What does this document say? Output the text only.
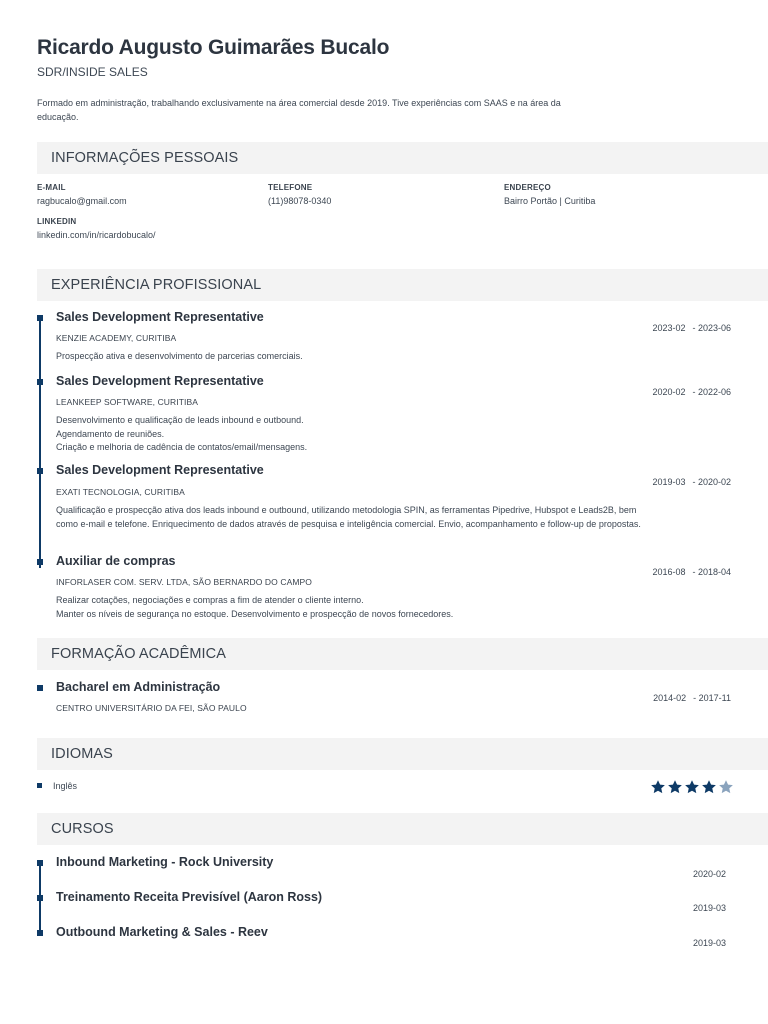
Ricardo Augusto Guimarães Bucalo
SDR/INSIDE SALES
Formado em administração, trabalhando exclusivamente na área comercial desde 2019. Tive experiências com SAAS e na área da educação.
INFORMAÇÕES PESSOAIS
E-MAIL
ragbucalo@gmail.com
TELEFONE
(11)98078-0340
ENDEREÇO
Bairro Portão | Curitiba
LINKEDIN
linkedin.com/in/ricardobucalo/
EXPERIÊNCIA PROFISSIONAL
Sales Development Representative
KENZIE ACADEMY, CURITIBA
Prospecção ativa e desenvolvimento de parcerias comerciais.
2023-02 - 2023-06
Sales Development Representative
LEANKEEP SOFTWARE, CURITIBA
Desenvolvimento e qualificação de leads inbound e outbound.
Agendamento de reuniões.
Criação e melhoria de cadência de contatos/email/mensagens.
2020-02 - 2022-06
Sales Development Representative
EXATI TECNOLOGIA, CURITIBA
Qualificação e prospecção ativa dos leads inbound e outbound, utilizando metodologia SPIN, as ferramentas Pipedrive, Hubspot e Leads2B, bem como e-mail e telefone. Enriquecimento de dados através de pesquisa e inteligência comercial. Envio, acompanhamento e follow-up de propostas.
2019-03 - 2020-02
Auxiliar de compras
INFORLASER COM. SERV. LTDA, SÃO BERNARDO DO CAMPO
Realizar cotações, negociações e compras a fim de atender o cliente interno.
Manter os níveis de segurança no estoque. Desenvolvimento e prospecção de novos fornecedores.
2016-08 - 2018-04
FORMAÇÃO ACADÊMICA
Bacharel em Administração
CENTRO UNIVERSITÁRIO DA FEI, SÃO PAULO
2014-02 - 2017-11
IDIOMAS
Inglês
CURSOS
Inbound Marketing - Rock University
2020-02
Treinamento Receita Previsível (Aaron Ross)
2019-03
Outbound Marketing & Sales - Reev
2019-03
